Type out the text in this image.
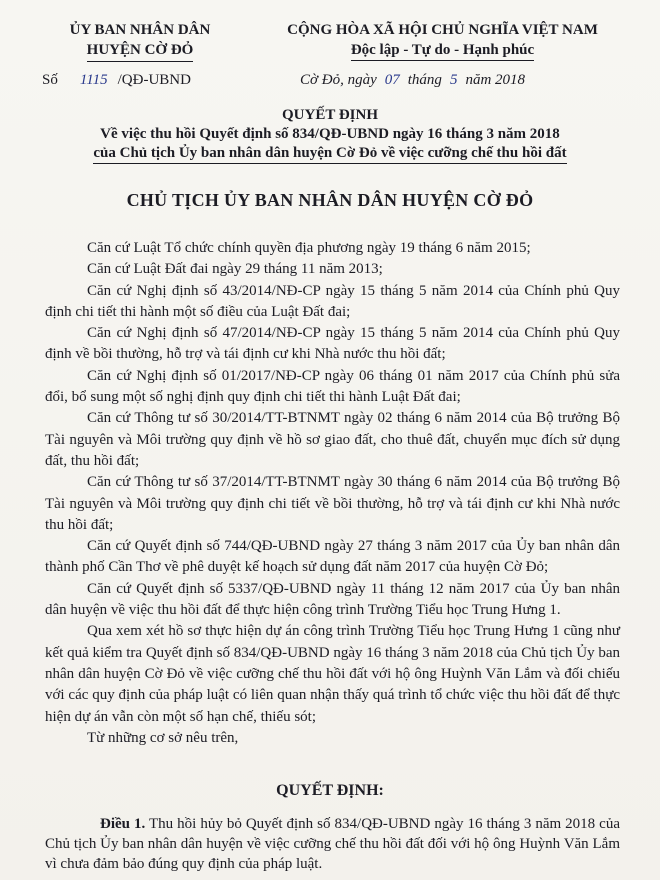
ỦY BAN NHÂN DÂN
HUYỆN CỜ ĐỎ
CỘNG HÒA XÃ HỘI CHỦ NGHĨA VIỆT NAM
Độc lập - Tự do - Hạnh phúc
Số 1115 /QĐ-UBND	Cờ Đỏ, ngày 07 tháng 5 năm 2018
QUYẾT ĐỊNH
Về việc thu hồi Quyết định số 834/QĐ-UBND ngày 16 tháng 3 năm 2018
của Chủ tịch Ủy ban nhân dân huyện Cờ Đỏ về việc cưỡng chế thu hồi đất
CHỦ TỊCH ỦY BAN NHÂN DÂN HUYỆN CỜ ĐỎ

Căn cứ Luật Tổ chức chính quyền địa phương ngày 19 tháng 6 năm 2015;

Căn cứ Luật Đất đai ngày 29 tháng 11 năm 2013;

Căn cứ Nghị định số 43/2014/NĐ-CP ngày 15 tháng 5 năm 2014 của Chính phủ Quy định chi tiết thi hành một số điều của Luật Đất đai;

Căn cứ Nghị định số 47/2014/NĐ-CP ngày 15 tháng 5 năm 2014 của Chính phủ Quy định về bồi thường, hỗ trợ và tái định cư khi Nhà nước thu hồi đất;

Căn cứ Nghị định số 01/2017/NĐ-CP ngày 06 tháng 01 năm 2017 của Chính phủ sửa đổi, bổ sung một số nghị định quy định chi tiết thi hành Luật Đất đai;

Căn cứ Thông tư số 30/2014/TT-BTNMT ngày 02 tháng 6 năm 2014 của Bộ trưởng Bộ Tài nguyên và Môi trường quy định về hồ sơ giao đất, cho thuê đất, chuyển mục đích sử dụng đất, thu hồi đất;

Căn cứ Thông tư số 37/2014/TT-BTNMT ngày 30 tháng 6 năm 2014 của Bộ trưởng Bộ Tài nguyên và Môi trường quy định chi tiết về bồi thường, hỗ trợ và tái định cư khi Nhà nước thu hồi đất;

Căn cứ Quyết định số 744/QĐ-UBND ngày 27 tháng 3 năm 2017 của Ủy ban nhân dân thành phố Cần Thơ về phê duyệt kế hoạch sử dụng đất năm 2017 của huyện Cờ Đỏ;

Căn cứ Quyết định số 5337/QĐ-UBND ngày 11 tháng 12 năm 2017 của Ủy ban nhân dân huyện về việc thu hồi đất để thực hiện công trình Trường Tiểu học Trung Hưng 1.

Qua xem xét hồ sơ thực hiện dự án công trình Trường Tiểu học Trung Hưng 1 cũng như kết quả kiểm tra Quyết định số 834/QĐ-UBND ngày 16 tháng 3 năm 2018 của Chủ tịch Ủy ban nhân dân huyện Cờ Đỏ về việc cưỡng chế thu hồi đất với hộ ông Huỳnh Văn Lắm và đối chiếu với các quy định của pháp luật có liên quan nhận thấy quá trình tổ chức việc thu hồi đất để thực hiện dự án vẫn còn một số hạn chế, thiếu sót;

Từ những cơ sở nêu trên,

QUYẾT ĐỊNH:

Điều 1. Thu hồi hủy bỏ Quyết định số 834/QĐ-UBND ngày 16 tháng 3 năm 2018 của Chủ tịch Ủy ban nhân dân huyện về việc cưỡng chế thu hồi đất đối với hộ ông Huỳnh Văn Lắm vì chưa đảm bảo đúng quy định của pháp luật.
